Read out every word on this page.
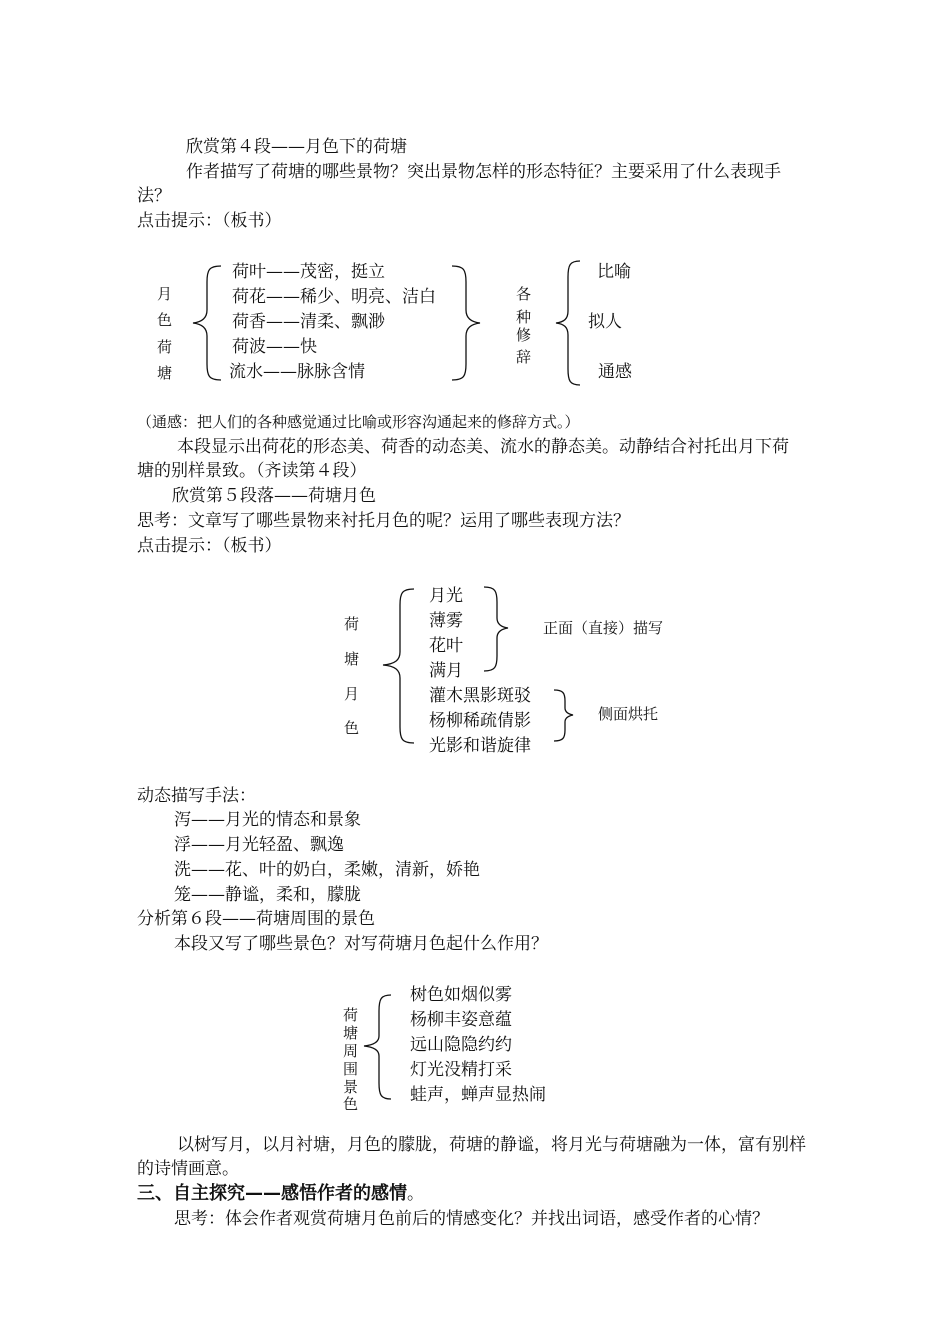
欣赏第４段——月色下的荷塘
作者描写了荷塘的哪些景物？突出景物怎样的形态特征？主要采用了什么表现手
法？
点击提示：（板书）
月
色
荷
塘
荷叶——茂密，挺立
荷花——稀少、明亮、洁白
荷香——清柔、飘渺
荷波——快
流水——脉脉含情
各
种
修
辞
比喻
拟人
通感
（通感：把人们的各种感觉通过比喻或形容沟通起来的修辞方式。）
本段显示出荷花的形态美、荷香的动态美、流水的静态美。动静结合衬托出月下荷
塘的别样景致。（齐读第４段）
欣赏第５段落——荷塘月色
思考：文章写了哪些景物来衬托月色的呢？运用了哪些表现方法？
点击提示：（板书）
荷
塘
月
色
月光
薄雾
花叶
满月
灌木黑影斑驳
杨柳稀疏倩影
光影和谐旋律
正面（直接）描写
侧面烘托
动态描写手法：
泻——月光的情态和景象
浮——月光轻盈、飘逸
洗——花、叶的奶白，柔嫩，清新，娇艳
笼——静谧，柔和，朦胧
分析第６段——荷塘周围的景色
本段又写了哪些景色？对写荷塘月色起什么作用？
荷
塘
周
围
景
色
树色如烟似雾
杨柳丰姿意蕴
远山隐隐约约
灯光没精打采
蛙声，蝉声显热闹
以树写月，以月衬塘，月色的朦胧，荷塘的静谧，将月光与荷塘融为一体，富有别样
的诗情画意。
三、自主探究——感悟作者的感情。
思考：体会作者观赏荷塘月色前后的情感变化？并找出词语，感受作者的心情？
